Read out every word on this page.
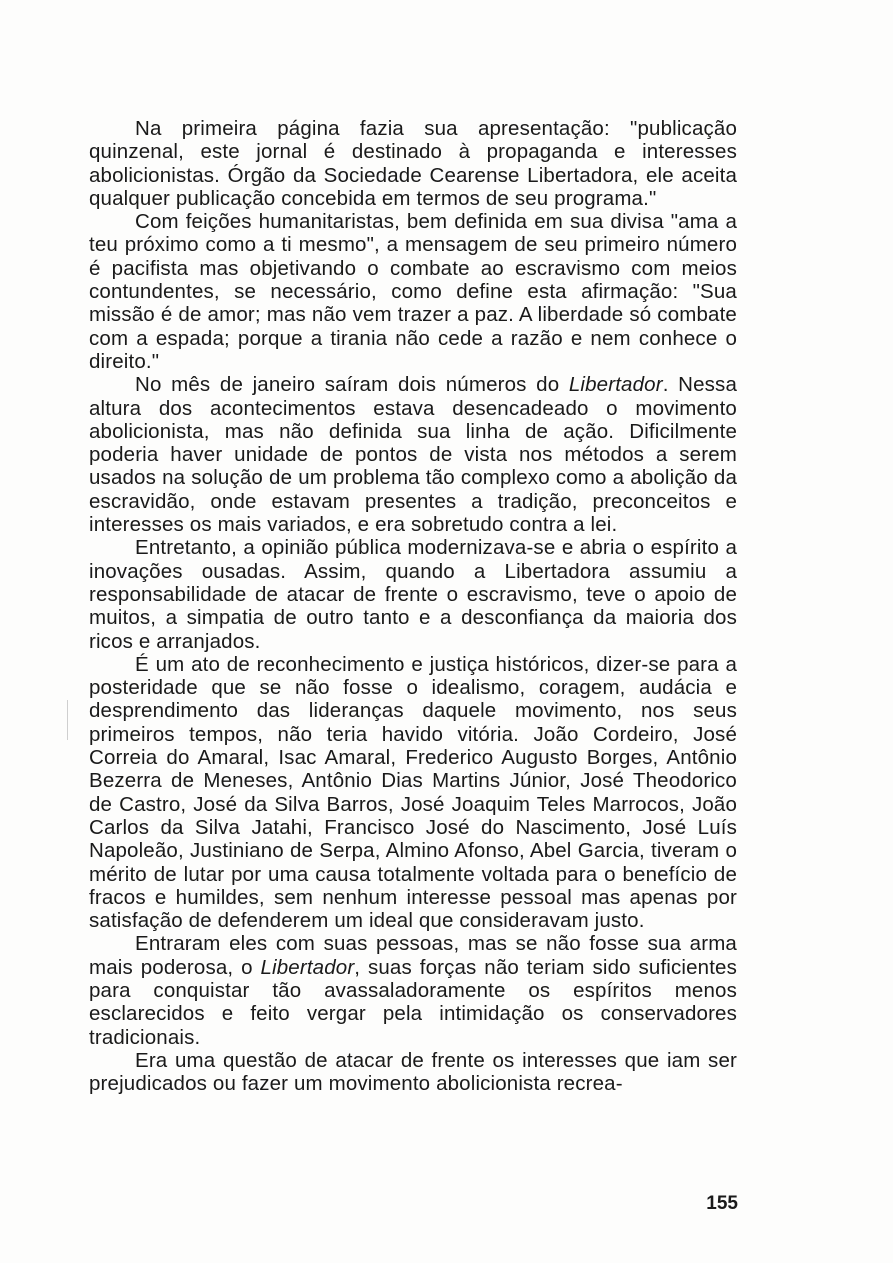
Na primeira página fazia sua apresentação: "publicação quinzenal, este jornal é destinado à propaganda e interesses abolicionistas. Órgão da Sociedade Cearense Libertadora, ele aceita qualquer publicação concebida em termos de seu programa."

Com feições humanitaristas, bem definida em sua divisa "ama a teu próximo como a ti mesmo", a mensagem de seu primeiro número é pacifista mas objetivando o combate ao escravismo com meios contundentes, se necessário, como define esta afirmação: "Sua missão é de amor; mas não vem trazer a paz. A liberdade só combate com a espada; porque a tirania não cede a razão e nem conhece o direito."

No mês de janeiro saíram dois números do Libertador. Nessa altura dos acontecimentos estava desencadeado o movimento abolicionista, mas não definida sua linha de ação. Dificilmente poderia haver unidade de pontos de vista nos métodos a serem usados na solução de um problema tão complexo como a abolição da escravidão, onde estavam presentes a tradição, preconceitos e interesses os mais variados, e era sobretudo contra a lei.

Entretanto, a opinião pública modernizava-se e abria o espírito a inovações ousadas. Assim, quando a Libertadora assumiu a responsabilidade de atacar de frente o escravismo, teve o apoio de muitos, a simpatia de outro tanto e a desconfiança da maioria dos ricos e arranjados.

É um ato de reconhecimento e justiça históricos, dizer-se para a posteridade que se não fosse o idealismo, coragem, audácia e desprendimento das lideranças daquele movimento, nos seus primeiros tempos, não teria havido vitória. João Cordeiro, José Correia do Amaral, Isac Amaral, Frederico Augusto Borges, Antônio Bezerra de Meneses, Antônio Dias Martins Júnior, José Theodorico de Castro, José da Silva Barros, José Joaquim Teles Marrocos, João Carlos da Silva Jatahi, Francisco José do Nascimento, José Luís Napoleão, Justiniano de Serpa, Almino Afonso, Abel Garcia, tiveram o mérito de lutar por uma causa totalmente voltada para o benefício de fracos e humildes, sem nenhum interesse pessoal mas apenas por satisfação de defenderem um ideal que consideravam justo.

Entraram eles com suas pessoas, mas se não fosse sua arma mais poderosa, o Libertador, suas forças não teriam sido suficientes para conquistar tão avassaladoramente os espíritos menos esclarecidos e feito vergar pela intimidação os conservadores tradicionais.

Era uma questão de atacar de frente os interesses que iam ser prejudicados ou fazer um movimento abolicionista recrea-

155
